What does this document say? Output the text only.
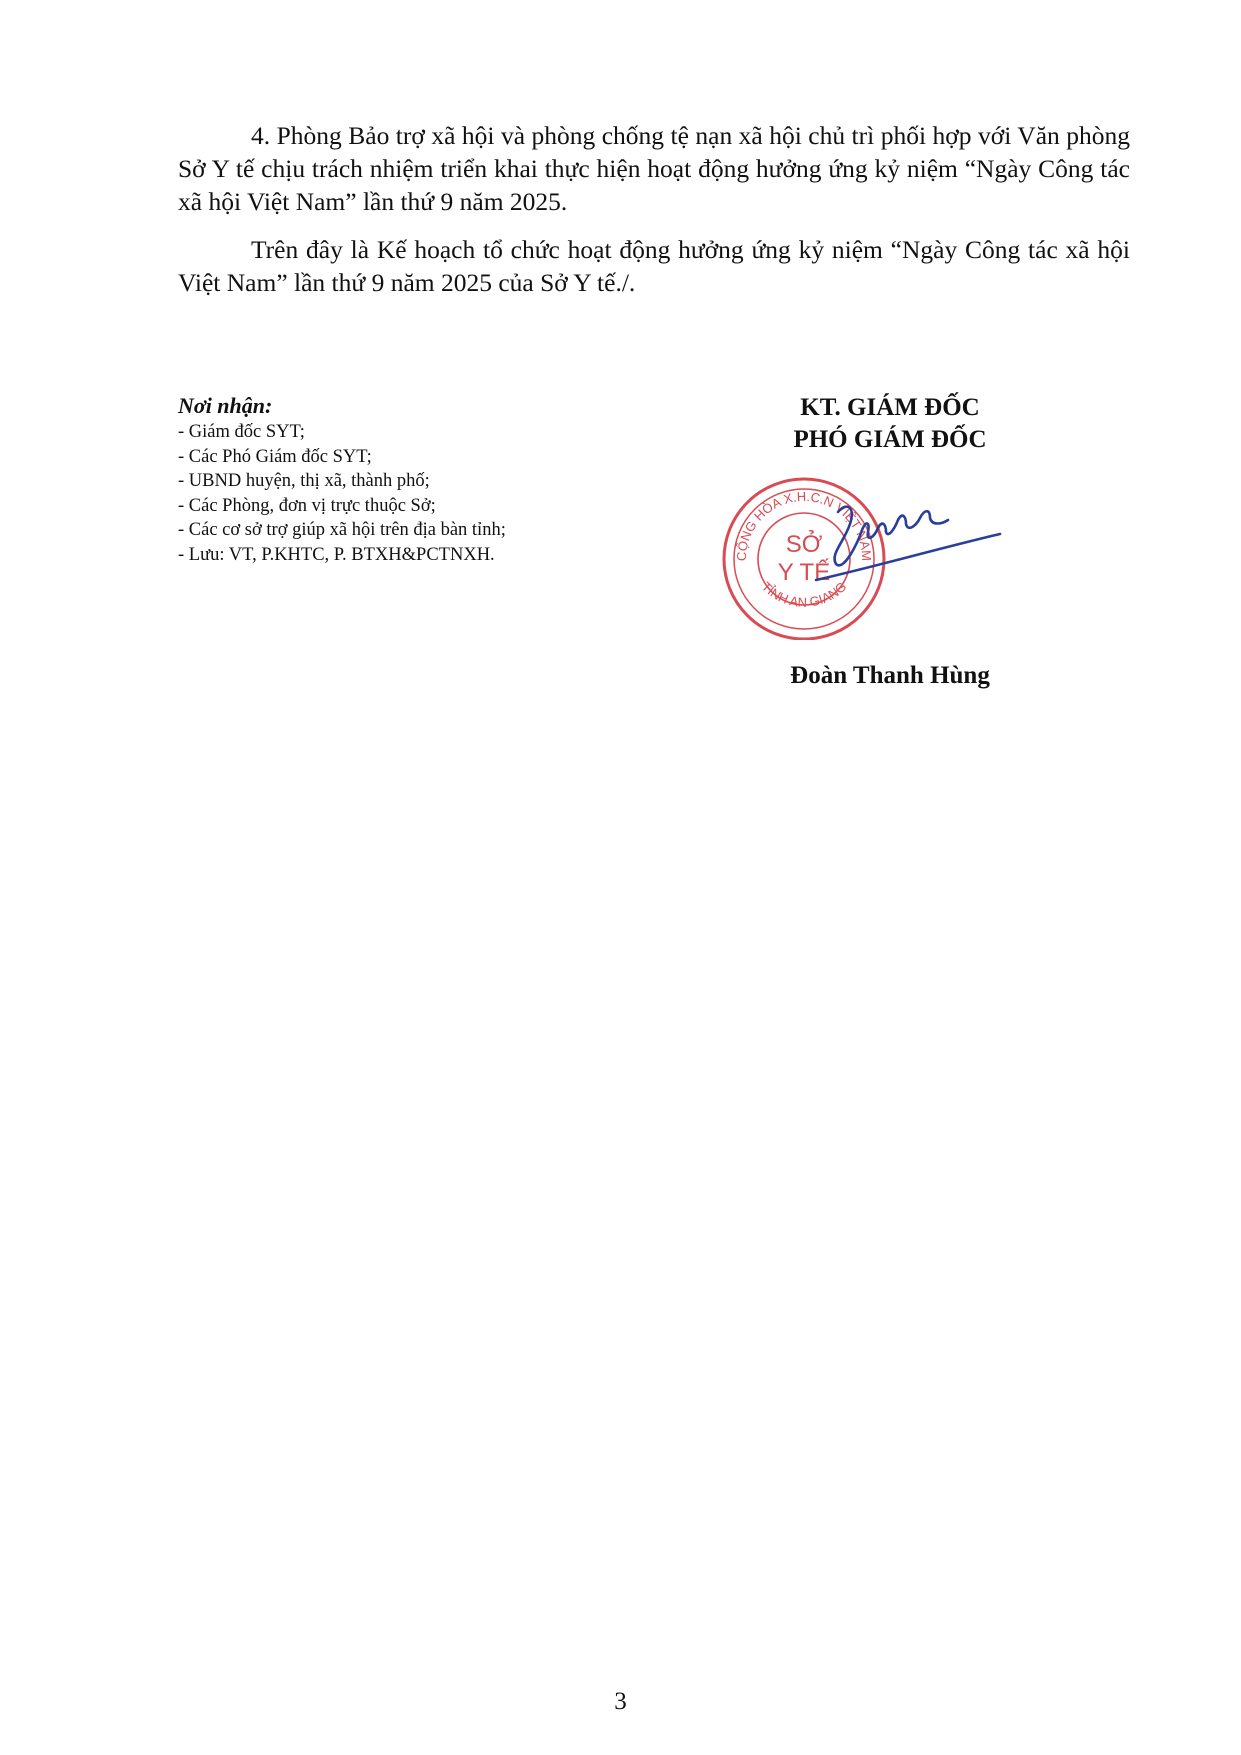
4. Phòng Bảo trợ xã hội và phòng chống tệ nạn xã hội chủ trì phối hợp với Văn phòng Sở Y tế chịu trách nhiệm triển khai thực hiện hoạt động hưởng ứng kỷ niệm “Ngày Công tác xã hội Việt Nam” lần thứ 9 năm 2025.

Trên đây là Kế hoạch tổ chức hoạt động hưởng ứng kỷ niệm “Ngày Công tác xã hội Việt Nam” lần thứ 9 năm 2025 của Sở Y tế./.

Nơi nhận:
- Giám đốc SYT;
- Các Phó Giám đốc SYT;
- UBND huyện, thị xã, thành phố;
- Các Phòng, đơn vị trực thuộc Sở;
- Các cơ sở trợ giúp xã hội trên địa bàn tỉnh;
- Lưu: VT, P.KHTC, P. BTXH&PCTNXH.
KT. GIÁM ĐỐC
PHÓ GIÁM ĐỐC
CỘNG HÒA X.H.C.N VIỆT NAM
TỈNH AN GIANG
SỞ
Y TẾ
Đoàn Thanh Hùng
3
